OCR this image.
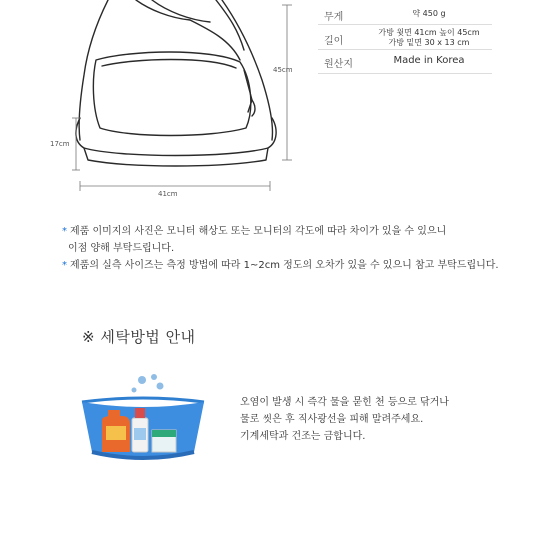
45cm
17cm
41cm
무게	약 450 g
길이
가방 윗면 41cm 높이 45cm
가방 밑면 30 x 13 cm
원산지	Made in Korea
* 제품 이미지의 사진은 모니터 해상도 또는 모니터의 각도에 따라 차이가 있을 수 있으니
이점 양해 부탁드립니다.
* 제품의 실측 사이즈는 측정 방법에 따라 1~2cm 정도의 오차가 있을 수 있으니 참고 부탁드립니다.
※ 세탁방법 안내
오염이 발생 시 즉각 물을 묻힌 천 등으로 닦거나
물로 씻은 후 직사광선을 피해 말려주세요.
기계세탁과 건조는 금합니다.
